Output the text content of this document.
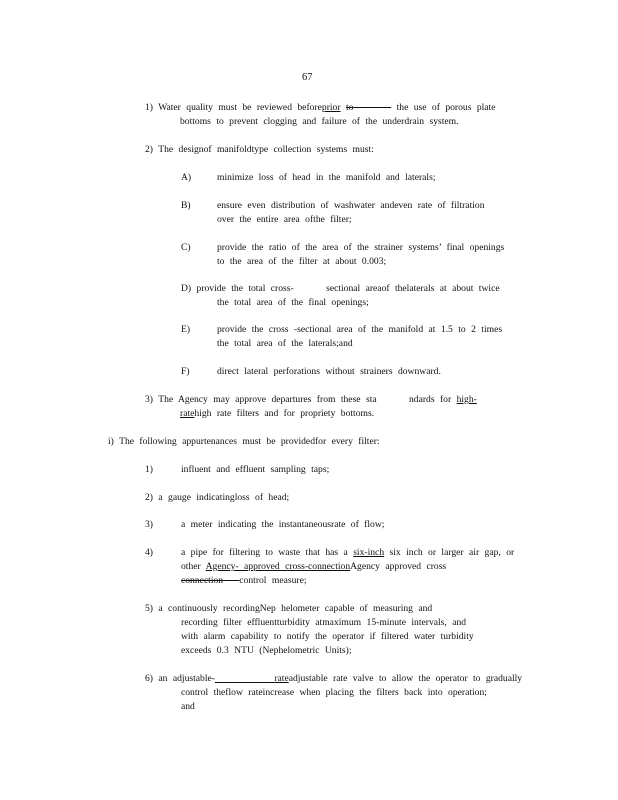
67
1) Water quality must be reviewed beforeprior to	the use of porous plate
bottoms to prevent clogging and failure of the underdrain system.
2) The designof manifoldtype collection systems must:
A)	minimize loss of head in the manifold and laterals;
B)	ensure even distribution of washwater andeven rate of filtration
over the entire area ofthe filter;
C)	provide the ratio of the area of the strainer systems’ final openings
to the area of the filter at about 0.003;
D) provide the total cross-      sectional areaof thelaterals at about twice
the total area of the final openings;
E)	provide the cross -sectional area of the manifold at 1.5 to 2 times
the total area of the laterals;and
F)	direct lateral perforations without strainers downward.
3) The Agency may approve departures from these sta      ndards for high-
ratehigh rate filters and for propriety bottoms.
i) The following appurtenances must be providedfor every filter:
1)	influent and effluent sampling taps;
2) a gauge indicatingloss of head;
3)	a meter indicating the instantaneousrate of flow;
4)	a pipe for filtering to waste that has a six-inch six inch or larger air gap, or
other Agency- approved cross-connectionAgency approved cross
connection control measure;
5) a continuously recordingNep helometer capable of measuring and
recording filter effluentturbidity atmaximum 15-minute intervals, and
with alarm capability to notify the operator if filtered water turbidity
exceeds 0.3 NTU (Nephelometric Units);
6) an adjustable-	rateadjustable rate valve to allow the operator to gradually
control theflow rateincrease when placing the filters back into operation;
and
